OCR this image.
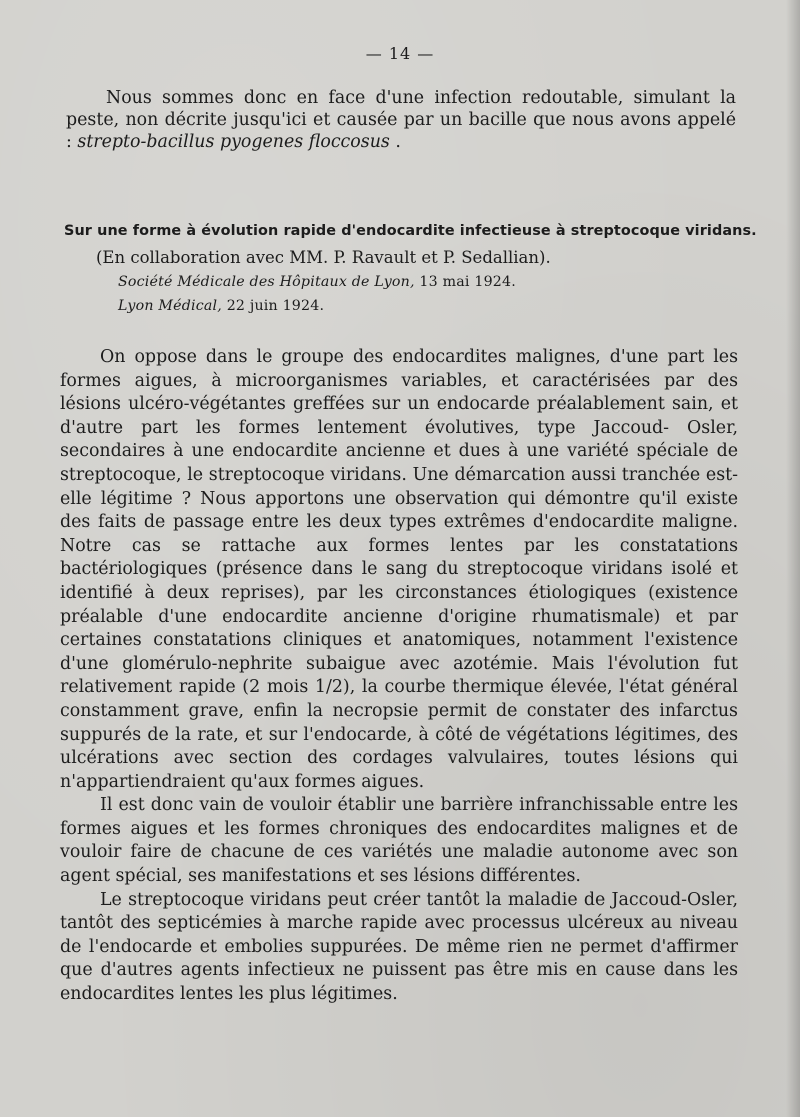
— 14 —

Nous sommes donc en face d'une infection redoutable, simulant la peste, non décrite jusqu'ici et causée par un bacille que nous avons appelé : strepto-bacillus pyogenes floccosus .

Sur une forme à évolution rapide d'endocardite infectieuse à streptocoque viridans.
(En collaboration avec MM. P. Ravault et P. Sedallian).
Société Médicale des Hôpitaux de Lyon, 13 mai 1924.
Lyon Médical, 22 juin 1924.

On oppose dans le groupe des endocardites malignes, d'une part les formes aigues, à microorganismes variables, et caractérisées par des lésions ulcéro-végétantes greffées sur un endocarde préalablement sain, et d'autre part les formes lentement évolutives, type Jaccoud- Osler, secondaires à une endocardite ancienne et dues à une variété spéciale de streptocoque, le streptocoque viridans. Une démarcation aussi tranchée est-elle légitime ? Nous apportons une observation qui démontre qu'il existe des faits de passage entre les deux types extrêmes d'endocardite maligne. Notre cas se rattache aux formes lentes par les constatations bactériologiques (présence dans le sang du streptocoque viridans isolé et identifié à deux reprises), par les circonstances étiologiques (existence préalable d'une endocardite ancienne d'origine rhumatismale) et par certaines constatations cliniques et anatomiques, notamment l'existence d'une glomérulo-nephrite subaigue avec azotémie. Mais l'évolution fut relativement rapide (2 mois 1/2), la courbe thermique élevée, l'état général constamment grave, enfin la necropsie permit de constater des infarctus suppurés de la rate, et sur l'endocarde, à côté de végétations légitimes, des ulcérations avec section des cordages valvulaires, toutes lésions qui n'appartiendraient qu'aux formes aigues.

Il est donc vain de vouloir établir une barrière infranchissable entre les formes aigues et les formes chroniques des endocardites malignes et de vouloir faire de chacune de ces variétés une maladie autonome avec son agent spécial, ses manifestations et ses lésions différentes.

Le streptocoque viridans peut créer tantôt la maladie de Jaccoud-Osler, tantôt des septicémies à marche rapide avec processus ulcéreux au niveau de l'endocarde et embolies suppurées. De même rien ne permet d'affirmer que d'autres agents infectieux ne puissent pas être mis en cause dans les endocardites lentes les plus légitimes.
